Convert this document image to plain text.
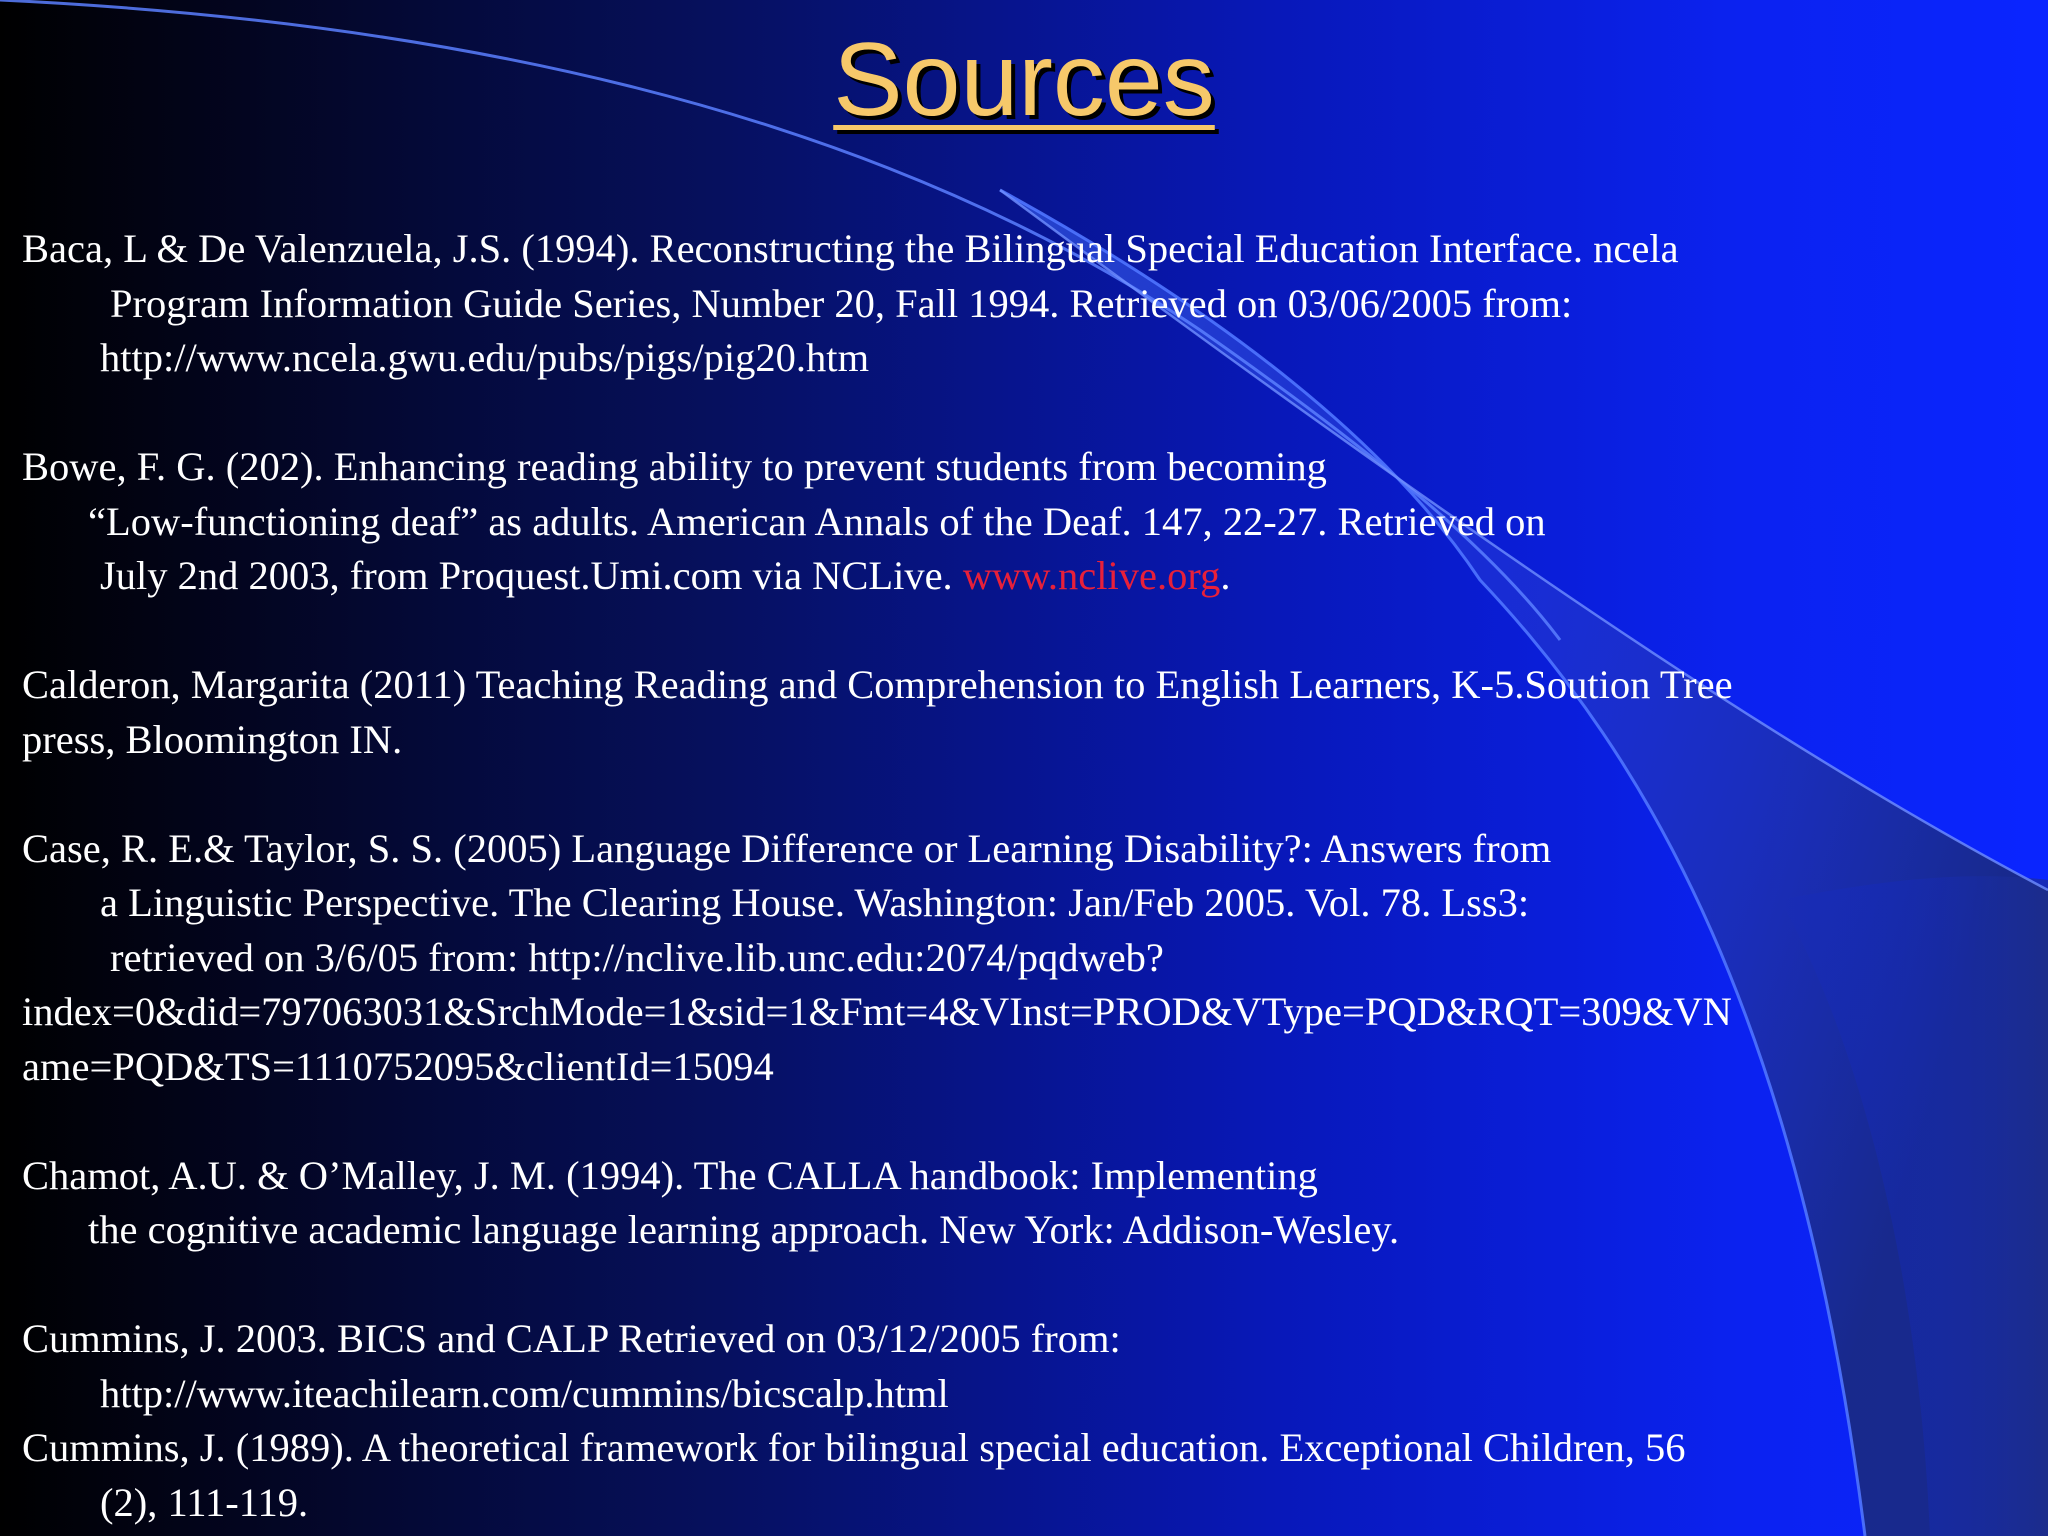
Sources
Baca, L & De Valenzuela, J.S. (1994). Reconstructing the Bilingual Special Education Interface. ncela
Program Information Guide Series, Number 20, Fall 1994. Retrieved on 03/06/2005 from:
http://www.ncela.gwu.edu/pubs/pigs/pig20.htm
Bowe, F. G. (202). Enhancing reading ability to prevent students from becoming
“Low-functioning deaf” as adults. American Annals of the Deaf. 147, 22-27. Retrieved on
July 2nd 2003, from Proquest.Umi.com via NCLive. www.nclive.org.
Calderon, Margarita (2011) Teaching Reading and Comprehension to English Learners, K-5.Soution Tree
press, Bloomington IN.
Case, R. E.& Taylor, S. S. (2005) Language Difference or Learning Disability?: Answers from
a Linguistic Perspective. The Clearing House. Washington: Jan/Feb 2005. Vol. 78. Lss3:
retrieved on 3/6/05 from: http://nclive.lib.unc.edu:2074/pqdweb?
index=0&did=797063031&SrchMode=1&sid=1&Fmt=4&VInst=PROD&VType=PQD&RQT=309&VN
ame=PQD&TS=1110752095&clientId=15094
Chamot, A.U. & O’Malley, J. M. (1994). The CALLA handbook: Implementing
the cognitive academic language learning approach. New York: Addison-Wesley.
Cummins, J. 2003. BICS and CALP Retrieved on 03/12/2005 from:
http://www.iteachilearn.com/cummins/bicscalp.html
Cummins, J. (1989). A theoretical framework for bilingual special education. Exceptional Children, 56
(2), 111-119.
